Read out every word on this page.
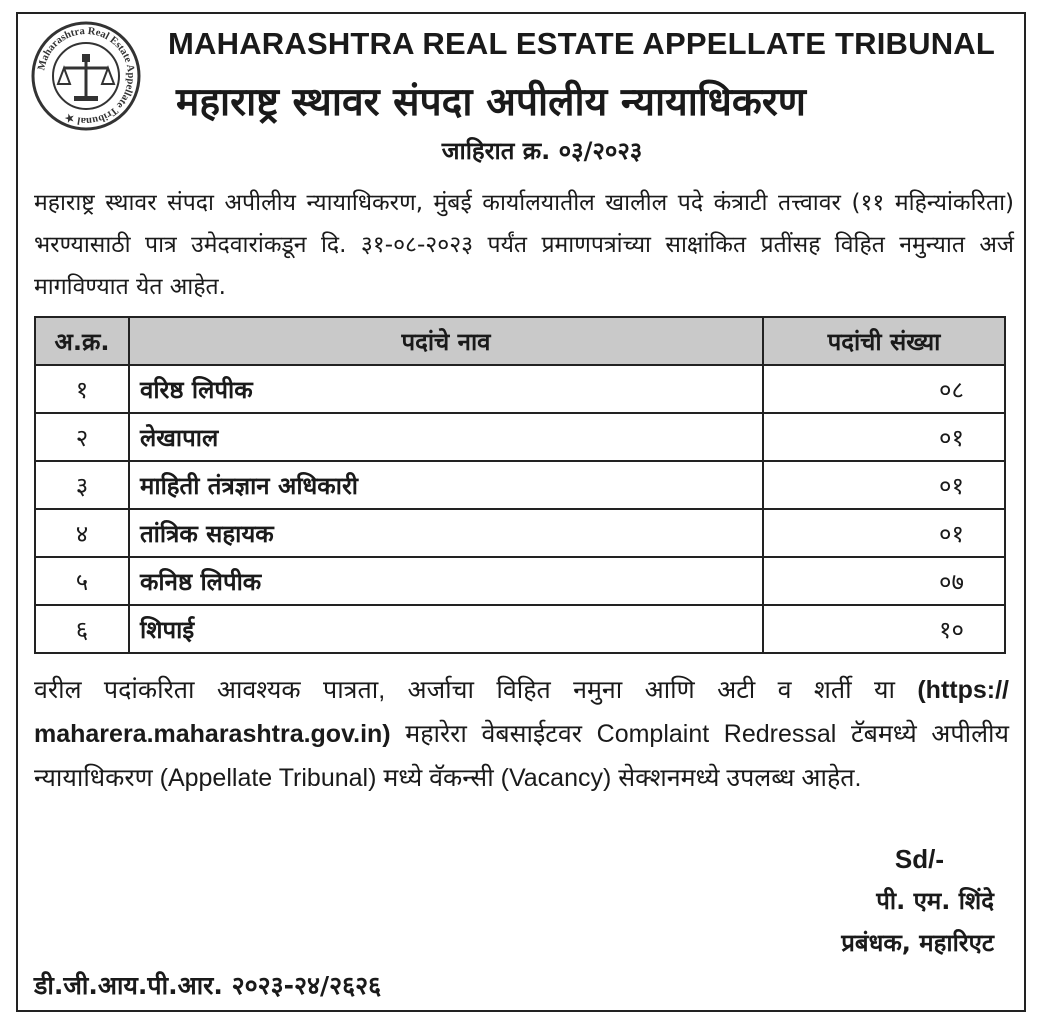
Maharashtra Real Estate Appellate Tribunal ★
MAHARASHTRA REAL ESTATE APPELLATE TRIBUNAL
महाराष्ट्र स्थावर संपदा अपीलीय न्यायाधिकरण
जाहिरात क्र. ०३/२०२३
महाराष्ट्र स्थावर संपदा अपीलीय न्यायाधिकरण, मुंबई कार्यालयातील खालील पदे कंत्राटी तत्त्वावर (११ महिन्यांकरिता) भरण्यासाठी पात्र उमेदवारांकडून दि. ३१-०८-२०२३ पर्यंत प्रमाणपत्रांच्या साक्षांकित प्रतींसह विहित नमुन्यात अर्ज मागविण्यात येत आहेत.
अ.क्र.	पदांचे नाव	पदांची संख्या
१	वरिष्ठ लिपीक	०८
२	लेखापाल	०१
३	माहिती तंत्रज्ञान अधिकारी	०१
४	तांत्रिक सहायक	०१
५	कनिष्ठ लिपीक	०७
६	शिपाई	१०
वरील पदांकरिता आवश्यक पात्रता, अर्जाचा विहित नमुना आणि अटी व शर्ती या (https:// maharera.maharashtra.gov.in) महारेरा वेबसाईटवर Complaint Redressal टॅबमध्ये अपीलीय न्यायाधिकरण (Appellate Tribunal) मध्ये वॅकन्सी (Vacancy) सेक्शनमध्ये उपलब्ध आहेत.
Sd/-
पी. एम. शिंदे
प्रबंधक, महारिएट
डी.जी.आय.पी.आर. २०२३-२४/२६२६
